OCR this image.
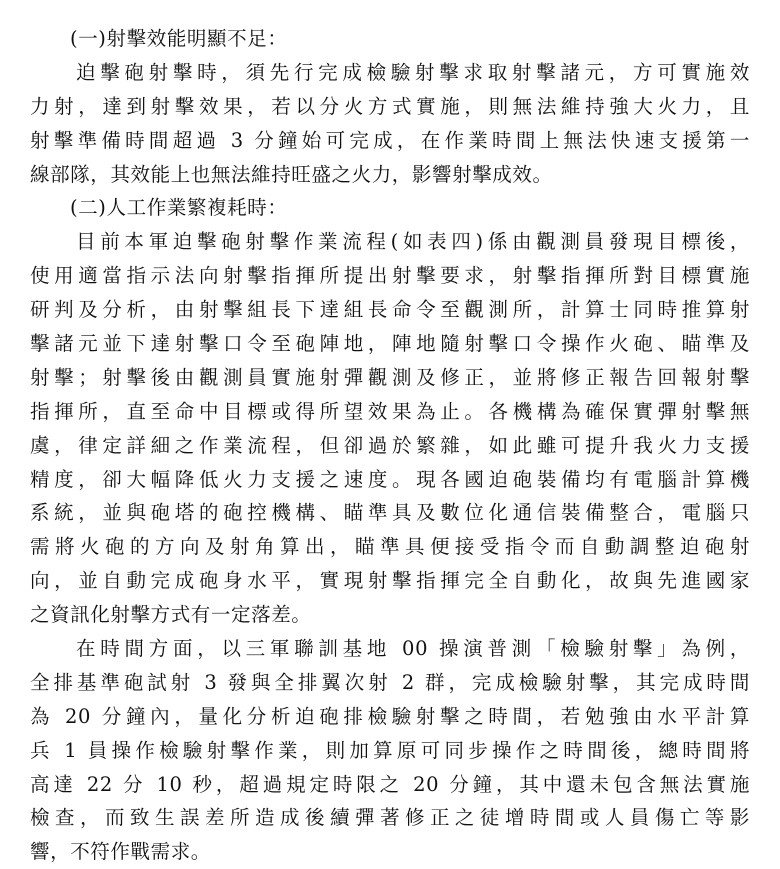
(一)射擊效能明顯不足：
迫擊砲射擊時，須先行完成檢驗射擊求取射擊諸元，方可實施效
力射，達到射擊效果，若以分火方式實施，則無法維持強大火力，且
射擊準備時間超過 3 分鐘始可完成，在作業時間上無法快速支援第一
線部隊，其效能上也無法維持旺盛之火力，影響射擊成效。
(二)人工作業繁複耗時：
目前本軍迫擊砲射擊作業流程(如表四)係由觀測員發現目標後，
使用適當指示法向射擊指揮所提出射擊要求，射擊指揮所對目標實施
研判及分析，由射擊組長下達組長命令至觀測所，計算士同時推算射
擊諸元並下達射擊口令至砲陣地，陣地隨射擊口令操作火砲、瞄準及
射擊；射擊後由觀測員實施射彈觀測及修正，並將修正報告回報射擊
指揮所，直至命中目標或得所望效果為止。各機構為確保實彈射擊無
虞，律定詳細之作業流程，但卻過於繁雜，如此雖可提升我火力支援
精度，卻大幅降低火力支援之速度。現各國迫砲裝備均有電腦計算機
系統，並與砲塔的砲控機構、瞄準具及數位化通信裝備整合，電腦只
需將火砲的方向及射角算出，瞄準具便接受指令而自動調整迫砲射
向，並自動完成砲身水平，實現射擊指揮完全自動化，故與先進國家
之資訊化射擊方式有一定落差。
在時間方面，以三軍聯訓基地 00 操演普測「檢驗射擊」為例，
全排基準砲試射 3 發與全排翼次射 2 群，完成檢驗射擊，其完成時間
為 20 分鐘內，量化分析迫砲排檢驗射擊之時間，若勉強由水平計算
兵 1 員操作檢驗射擊作業，則加算原可同步操作之時間後，總時間將
高達 22 分 10 秒，超過規定時限之 20 分鐘，其中還未包含無法實施
檢查，而致生誤差所造成後續彈著修正之徒增時間或人員傷亡等影
響，不符作戰需求。
